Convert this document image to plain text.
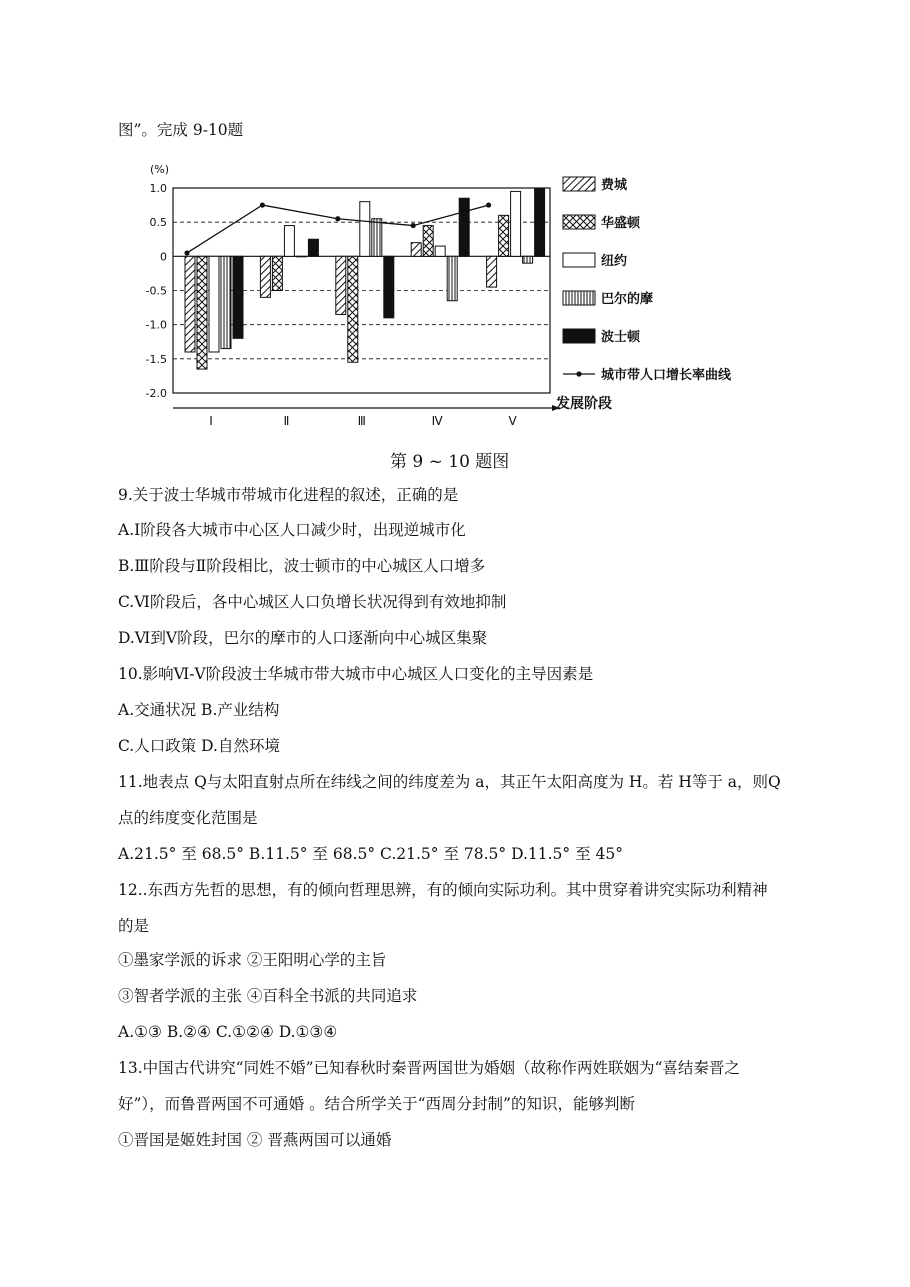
图”。完成 9-10题
(%)
1.0
0.5
0
-0.5
-1.0
-1.5
-2.0
Ⅰ	Ⅱ	Ⅲ	Ⅳ	Ⅴ
费城
华盛顿
纽约
巴尔的摩
波士顿
城市带人口增长率曲线
发展阶段
第 9 ~ 10 题图
9.关于波士华城市带城市化进程的叙述，正确的是
A.Ⅰ阶段各大城市中心区人口减少时，出现逆城市化
B.Ⅲ阶段与Ⅱ阶段相比，波士顿市的中心城区人口增多
C.Ⅵ阶段后，各中心城区人口负增长状况得到有效地抑制
D.Ⅵ到Ⅴ阶段，巴尔的摩市的人口逐渐向中心城区集聚
10.影响Ⅵ-Ⅴ阶段波士华城市带大城市中心城区人口变化的主导因素是
A.交通状况 B.产业结构
C.人口政策 D.自然环境
11.地表点 Q与太阳直射点所在纬线之间的纬度差为 a，其正午太阳高度为 H。若 H等于 a，则Q
点的纬度变化范围是
A.21.5° 至 68.5° B.11.5° 至 68.5° C.21.5° 至 78.5° D.11.5° 至 45°
12..东西方先哲的思想，有的倾向哲理思辨，有的倾向实际功利。其中贯穿着讲究实际功利精神
的是
①墨家学派的诉求 ②王阳明心学的主旨
③智者学派的主张 ④百科全书派的共同追求
A.①③ B.②④ C.①②④ D.①③④
13.中国古代讲究“同姓不婚”已知春秋时秦晋两国世为婚姻（故称作两姓联姻为“喜结秦晋之
好”），而鲁晋两国不可通婚 。结合所学关于“西周分封制”的知识，能够判断
①晋国是姬姓封国 ② 晋燕两国可以通婚
